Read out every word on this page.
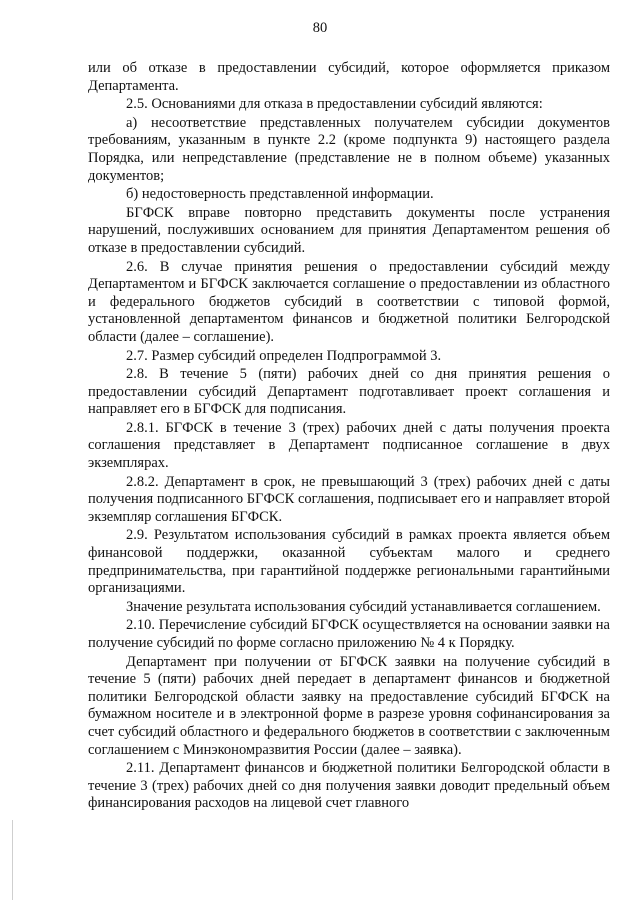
80

или об отказе в предоставлении субсидий, которое оформляется приказом Департамента.

2.5. Основаниями для отказа в предоставлении субсидий являются:

а) несоответствие представленных получателем субсидии документов требованиям, указанным в пункте 2.2 (кроме подпункта 9) настоящего раздела Порядка, или непредставление (представление не в полном объеме) указанных документов;

б) недостоверность представленной информации.

БГФСК вправе повторно представить документы после устранения нарушений, послуживших основанием для принятия Департаментом решения об отказе в предоставлении субсидий.

2.6. В случае принятия решения о предоставлении субсидий между Департаментом и БГФСК заключается соглашение о предоставлении из областного и федерального бюджетов субсидий в соответствии с типовой формой, установленной департаментом финансов и бюджетной политики Белгородской области (далее – соглашение).

2.7. Размер субсидий определен Подпрограммой 3.

2.8. В течение 5 (пяти) рабочих дней со дня принятия решения о предоставлении субсидий Департамент подготавливает проект соглашения и направляет его в БГФСК для подписания.

2.8.1. БГФСК в течение 3 (трех) рабочих дней с даты получения проекта соглашения представляет в Департамент подписанное соглашение в двух экземплярах.

2.8.2. Департамент в срок, не превышающий 3 (трех) рабочих дней с даты получения подписанного БГФСК соглашения, подписывает его и направляет второй экземпляр соглашения БГФСК.

2.9. Результатом использования субсидий в рамках проекта является объем финансовой поддержки, оказанной субъектам малого и среднего предпринимательства, при гарантийной поддержке региональными гарантийными организациями.

Значение результата использования субсидий устанавливается соглашением.

2.10. Перечисление субсидий БГФСК осуществляется на основании заявки на получение субсидий по форме согласно приложению № 4 к Порядку.

Департамент при получении от БГФСК заявки на получение субсидий в течение 5 (пяти) рабочих дней передает в департамент финансов и бюджетной политики Белгородской области заявку на предоставление субсидий БГФСК на бумажном носителе и в электронной форме в разрезе уровня софинансирования за счет субсидий областного и федерального бюджетов в соответствии с заключенным соглашением с Минэкономразвития России (далее – заявка).

2.11. Департамент финансов и бюджетной политики Белгородской области в течение 3 (трех) рабочих дней со дня получения заявки доводит предельный объем финансирования расходов на лицевой счет главного
